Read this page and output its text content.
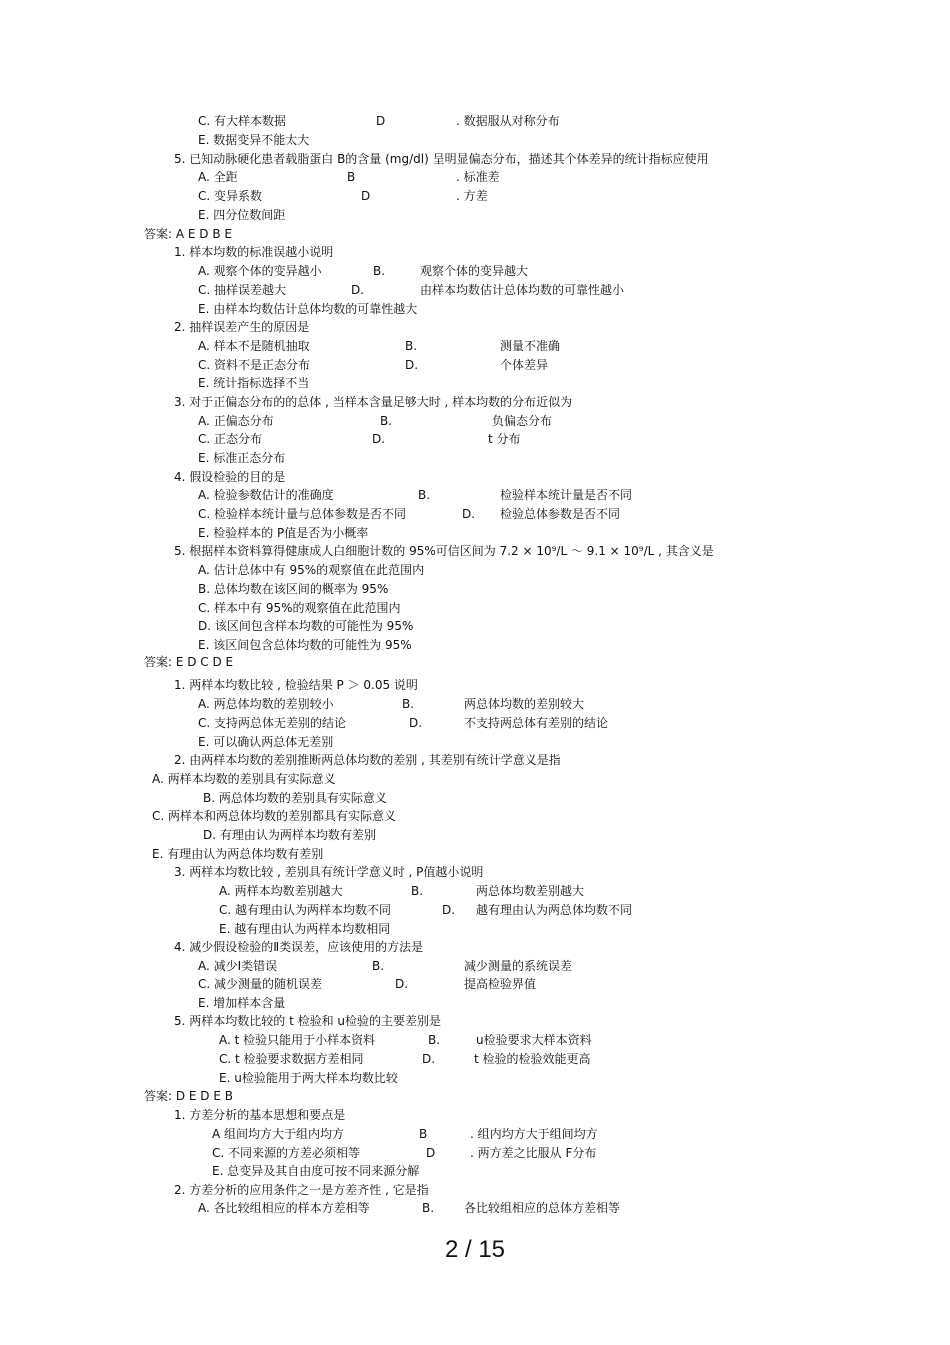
C. 有大样本数据	D	. 数据服从对称分布
E. 数据变异不能太大
5. 已知动脉硬化患者载脂蛋白 B的含量 (mg/dl) 呈明显偏态分布，描述其个体差异的统计指标应使用
A. 全距	B	. 标准差
C. 变异系数	D	. 方差
E. 四分位数间距
答案: A E D B E
1. 样本均数的标准误越小说明
A. 观察个体的变异越小	B.	观察个体的变异越大
C. 抽样误差越大	D.	由样本均数估计总体均数的可靠性越小
E. 由样本均数估计总体均数的可靠性越大
2. 抽样误差产生的原因是
A. 样本不是随机抽取	B.	测量不准确
C. 资料不是正态分布	D.	个体差异
E. 统计指标选择不当
3. 对于正偏态分布的的总体 , 当样本含量足够大时 , 样本均数的分布近似为
A. 正偏态分布	B.	负偏态分布
C. 正态分布	D.	t 分布
E. 标准正态分布
4. 假设检验的目的是
A. 检验参数估计的准确度	B.	检验样本统计量是否不同
C. 检验样本统计量与总体参数是否不同	D. 检验总体参数是否不同
E. 检验样本的 P值是否为小概率
5. 根据样本资料算得健康成人白细胞计数的 95%可信区间为 7.2 × 10⁹/L ～ 9.1 × 10⁹/L , 其含义是
A. 估计总体中有 95%的观察值在此范围内
B. 总体均数在该区间的概率为 95%
C. 样本中有 95%的观察值在此范围内
D. 该区间包含样本均数的可能性为 95%
E. 该区间包含总体均数的可能性为 95%
答案: E D C D E
1. 两样本均数比较 , 检验结果 P ＞ 0.05 说明
A. 两总体均数的差别较小	B.	两总体均数的差别较大
C. 支持两总体无差别的结论	D.	不支持两总体有差别的结论
E. 可以确认两总体无差别
2. 由两样本均数的差别推断两总体均数的差别 , 其差别有统计学意义是指
A. 两样本均数的差别具有实际意义
B. 两总体均数的差别具有实际意义
C. 两样本和两总体均数的差别都具有实际意义
D. 有理由认为两样本均数有差别
E. 有理由认为两总体均数有差别
3. 两样本均数比较 , 差别具有统计学意义时 , P值越小说明
A. 两样本均数差别越大	B.	两总体均数差别越大
C. 越有理由认为两样本均数不同	D. 越有理由认为两总体均数不同
E. 越有理由认为两样本均数相同
4. 减少假设检验的Ⅱ类误差，应该使用的方法是
A. 减少Ⅰ类错误	B.	减少测量的系统误差
C. 减少测量的随机误差	D.	提高检验界值
E. 增加样本含量
5. 两样本均数比较的 t 检验和 u检验的主要差别是
A. t 检验只能用于小样本资料	B.	u检验要求大样本资料
C. t 检验要求数据方差相同	D.	t 检验的检验效能更高
E. u检验能用于两大样本均数比较
答案: D E D E B
1. 方差分析的基本思想和要点是
A 组间均方大于组内均方	B	. 组内均方大于组间均方
C. 不同来源的方差必须相等	D	. 两方差之比服从 F分布
E. 总变异及其自由度可按不同来源分解
2. 方差分析的应用条件之一是方差齐性 , 它是指
A. 各比较组相应的样本方差相等	B. 各比较组相应的总体方差相等
2 / 15
